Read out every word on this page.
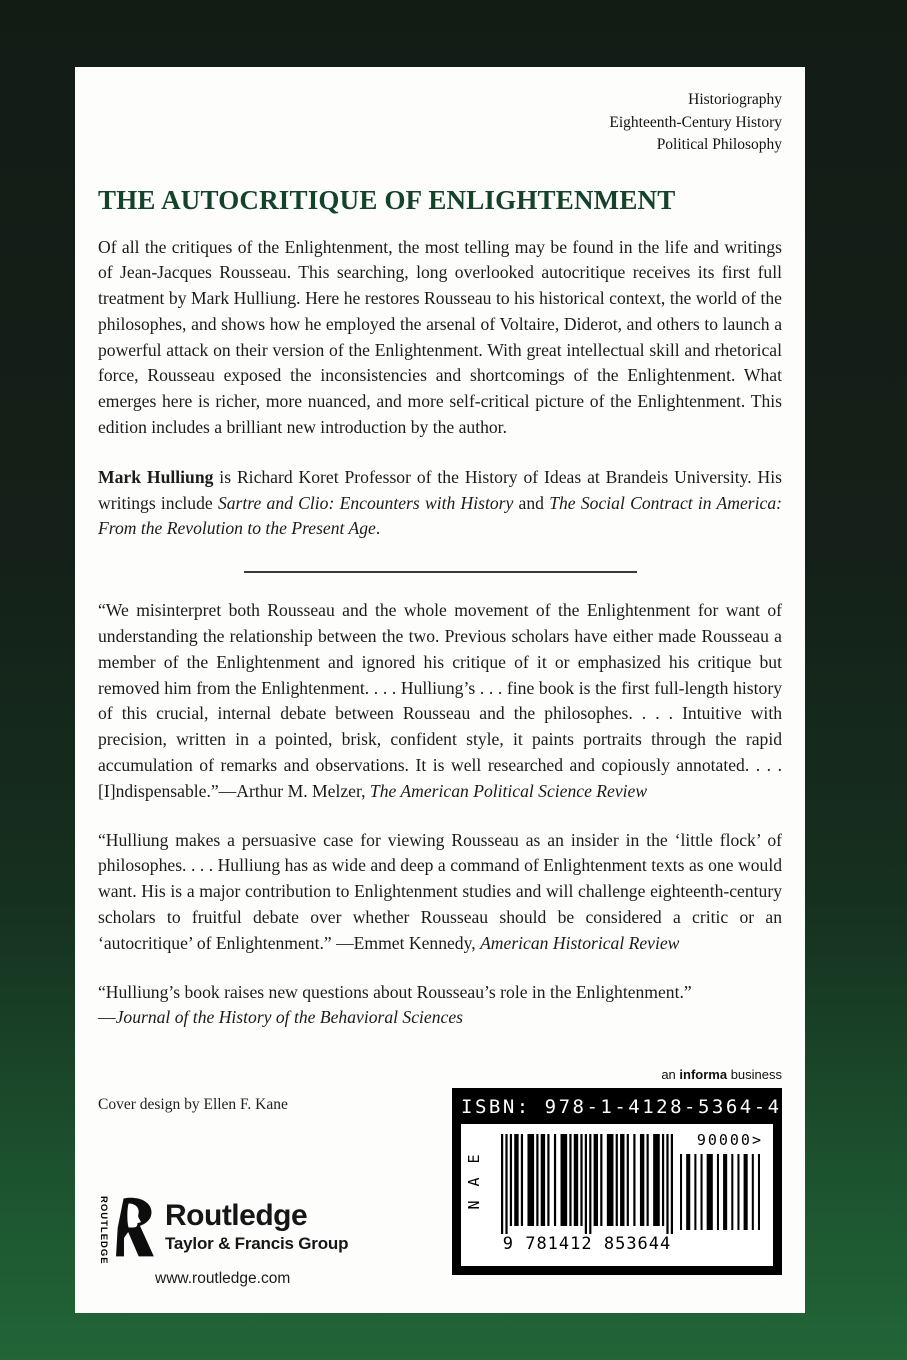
Historiography
Eighteenth-Century History
Political Philosophy
THE AUTOCRITIQUE OF ENLIGHTENMENT

Of all the critiques of the Enlightenment, the most telling may be found in the life and writings of Jean-Jacques Rousseau. This searching, long overlooked autocritique receives its first full treatment by Mark Hulliung. Here he restores Rousseau to his historical context, the world of the philosophes, and shows how he employed the arsenal of Voltaire, Diderot, and others to launch a powerful attack on their version of the Enlightenment. With great intellectual skill and rhetorical force, Rousseau exposed the inconsistencies and shortcomings of the Enlightenment. What emerges here is richer, more nuanced, and more self-critical picture of the Enlightenment. This edition includes a brilliant new introduction by the author.

Mark Hulliung is Richard Koret Professor of the History of Ideas at Brandeis University. His writings include Sartre and Clio: Encounters with History and The Social Contract in America: From the Revolution to the Present Age.

“We misinterpret both Rousseau and the whole movement of the Enlightenment for want of understanding the relationship between the two. Previous scholars have either made Rousseau a member of the Enlightenment and ignored his critique of it or emphasized his critique but removed him from the Enlightenment. . . . Hulliung’s . . . fine book is the first full-length history of this crucial, internal debate between Rousseau and the philosophes. . . . Intuitive with precision, written in a pointed, brisk, confident style, it paints portraits through the rapid accumulation of remarks and observations. It is well researched and copiously annotated. . . . [I]ndispensable.”—Arthur M. Melzer, The American Political Science Review

“Hulliung makes a persuasive case for viewing Rousseau as an insider in the ‘little flock’ of philosophes. . . . Hulliung has as wide and deep a command of Enlightenment texts as one would want. His is a major contribution to Enlightenment studies and will challenge eighteenth-century scholars to fruitful debate over whether Rousseau should be considered a critic or an ‘autocritique’ of Enlightenment.” —Emmet Kennedy, American Historical Review

“Hulliung’s book raises new questions about Rousseau’s role in the Enlightenment.”
—Journal of the History of the Behavioral Sciences

an informa business

Cover design by Ellen F. Kane

ROUTLEDGE Routledge
Taylor & Francis Group

www.routledge.com

ISBN: 978-1-4128-5364-4
E
A
N
9 781412 853644
90000>
